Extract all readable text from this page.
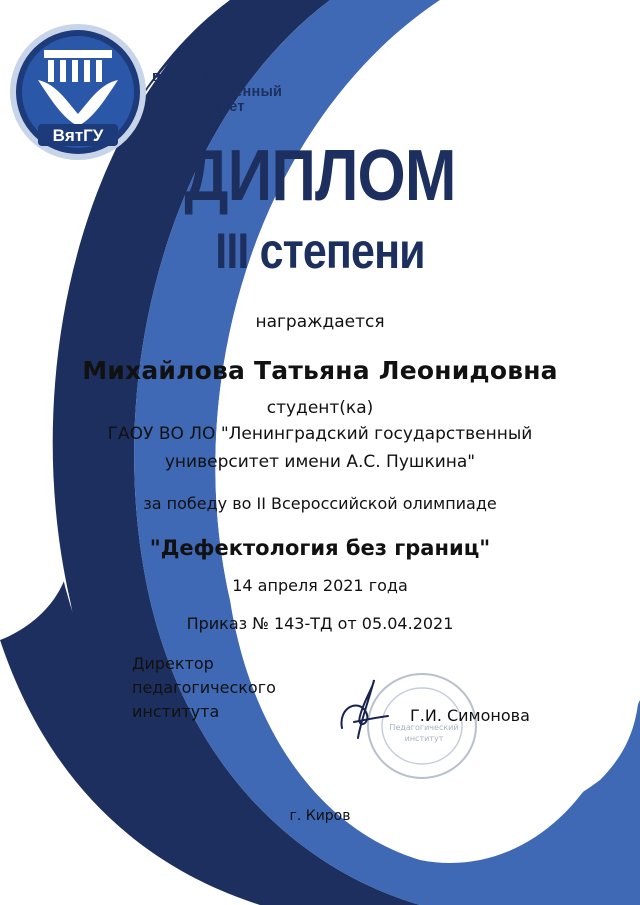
ВятГУ
вятский
государственный
университет
ДИПЛОМ
III степени
награждается
Михайлова Татьяна Леонидовна
студент(ка)
ГАОУ ВО ЛО "Ленинградский государственный
университет имени А.С. Пушкина"
за победу во II Всероссийской олимпиаде
"Дефектология без границ"
14 апреля 2021 года
Приказ № 143-ТД от 05.04.2021
Директор
педагогического
института
Педагогический
институт
Г.И. Симонова
г. Киров
